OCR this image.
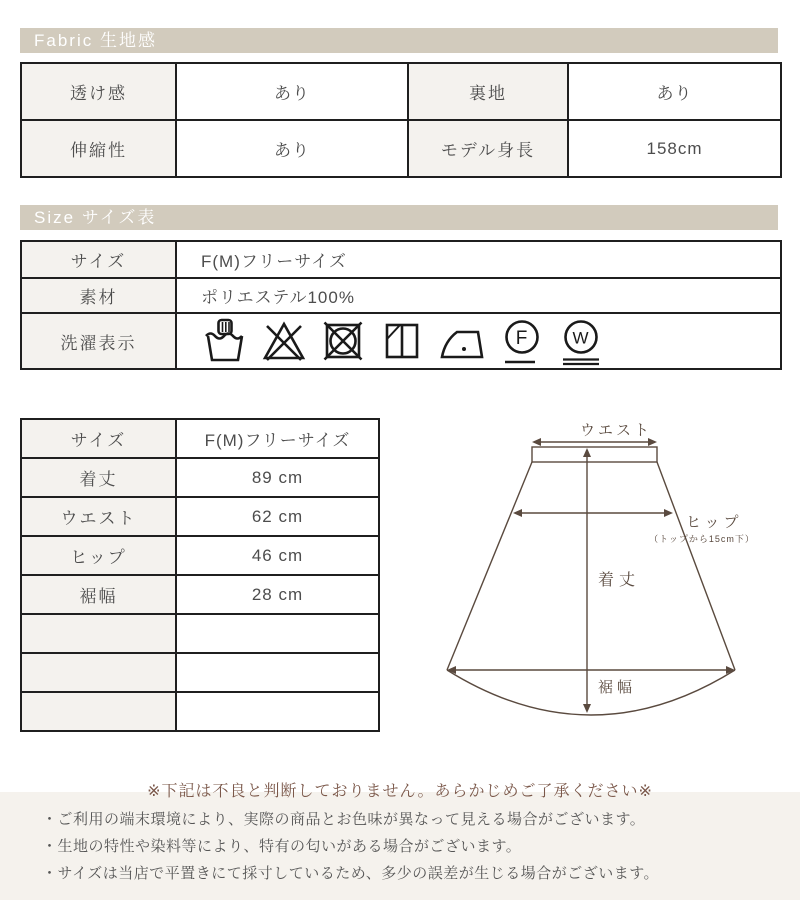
Fabric 生地感
透け感	あり	裏地	あり
伸縮性	あり	モデル身長	158cm
Size サイズ表
サイズ	F(M)フリーサイズ
素材	ポリエステル100%
洗濯表示	F W
サイズ	F(M)フリーサイズ
着丈	89 cm
ウエスト	62 cm
ヒップ	46 cm
裾幅	28 cm

ウエスト
ヒップ
（トップから15cm下）
着丈
裾幅
※下記は不良と判断しておりません。あらかじめご了承ください※
・ご利用の端末環境により、実際の商品とお色味が異なって見える場合がございます。
・生地の特性や染料等により、特有の匂いがある場合がございます。
・サイズは当店で平置きにて採寸しているため、多少の誤差が生じる場合がございます。
